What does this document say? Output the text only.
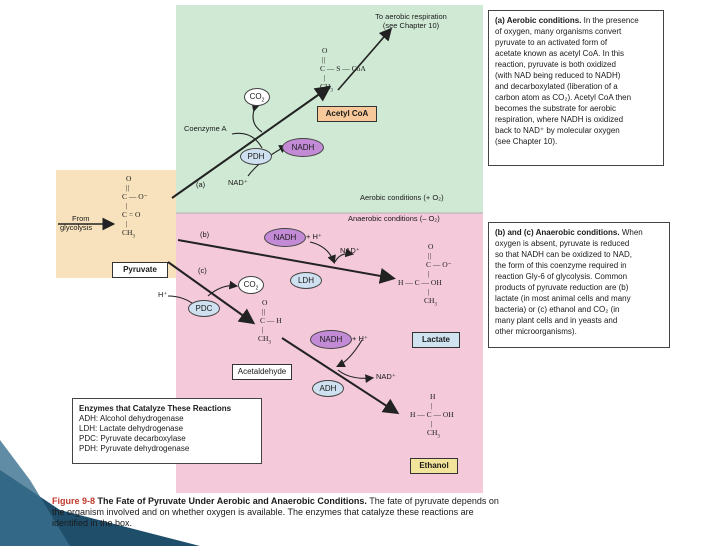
To aerobic respiration
(see Chapter 10)
O
||
C — S — CoA
|
$CH_3$
Acetyl CoA
$CO_2$
Coenzyme A
PDH
NADH
NAD⁺
(a)
Aerobic conditions (+ O₂)
Anaerobic conditions (– O₂)
O
||
C — O⁻
|
C = O
|
$CH_3$
Pyruvate
From
glycolysis
(b)	NADH	+ H⁺
NAD⁺
LDH
O
||
C — O⁻
|
H — C — OH
|
$CH_3$
Lactate
(c)
$CO_2$
H⁺
PDC
O
||
C — H
|
$CH_3$
Acetaldehyde
NADH	+ H⁺
NAD⁺
ADH
H
|
H — C — OH
|
$CH_3$
Ethanol
(a) Aerobic conditions. In the presence
of oxygen, many organisms convert
pyruvate to an activated form of
acetate known as acetyl CoA. In this
reaction, pyruvate is both oxidized
(with NAD being reduced to NADH)
and decarboxylated (liberation of a
carbon atom as CO₂). Acetyl CoA then
becomes the substrate for aerobic
respiration, where NADH is oxidized
back to NAD⁺ by molecular oxygen
(see Chapter 10).
(b) and (c) Anaerobic conditions. When
oxygen is absent, pyruvate is reduced
so that NADH can be oxidized to NAD,
the form of this coenzyme required in
reaction Gly-6 of glycolysis. Common
products of pyruvate reduction are (b)
lactate (in most animal cells and many
bacteria) or (c) ethanol and CO₂ (in
many plant cells and in yeasts and
other microorganisms).
Enzymes that Catalyze These Reactions
ADH: Alcohol dehydrogenase
LDH: Lactate dehydrogenase
PDC: Pyruvate decarboxylase
PDH: Pyruvate dehydrogenase
Figure 9-8 The Fate of Pyruvate Under Aerobic and Anaerobic Conditions. The fate of pyruvate depends on
the organism involved and on whether oxygen is available. The enzymes that catalyze these reactions are
identified in the box.
